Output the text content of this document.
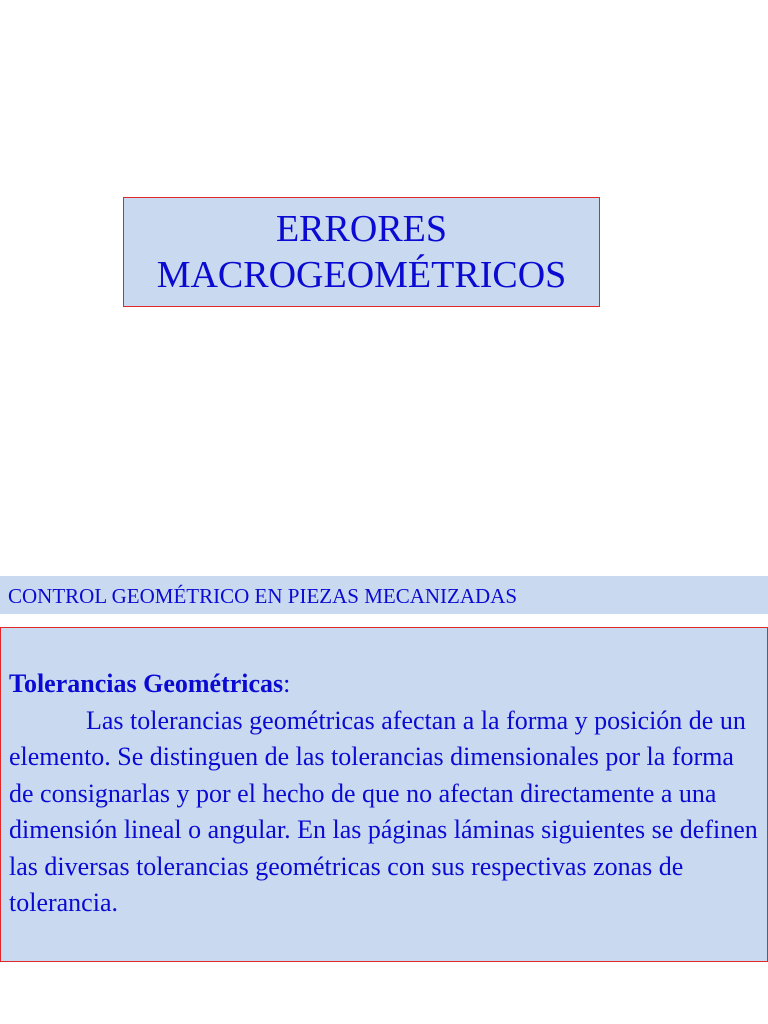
ERRORES
MACROGEOMÉTRICOS
CONTROL GEOMÉTRICO EN PIEZAS MECANIZADAS

Tolerancias Geométricas:
Las tolerancias geométricas afectan a la forma y posición de un elemento. Se distinguen de las tolerancias dimensionales por la forma de consignarlas y por el hecho de que no afectan directamente a una dimensión lineal o angular. En las páginas láminas siguientes se definen las diversas tolerancias geométricas con sus respectivas zonas de tolerancia.
